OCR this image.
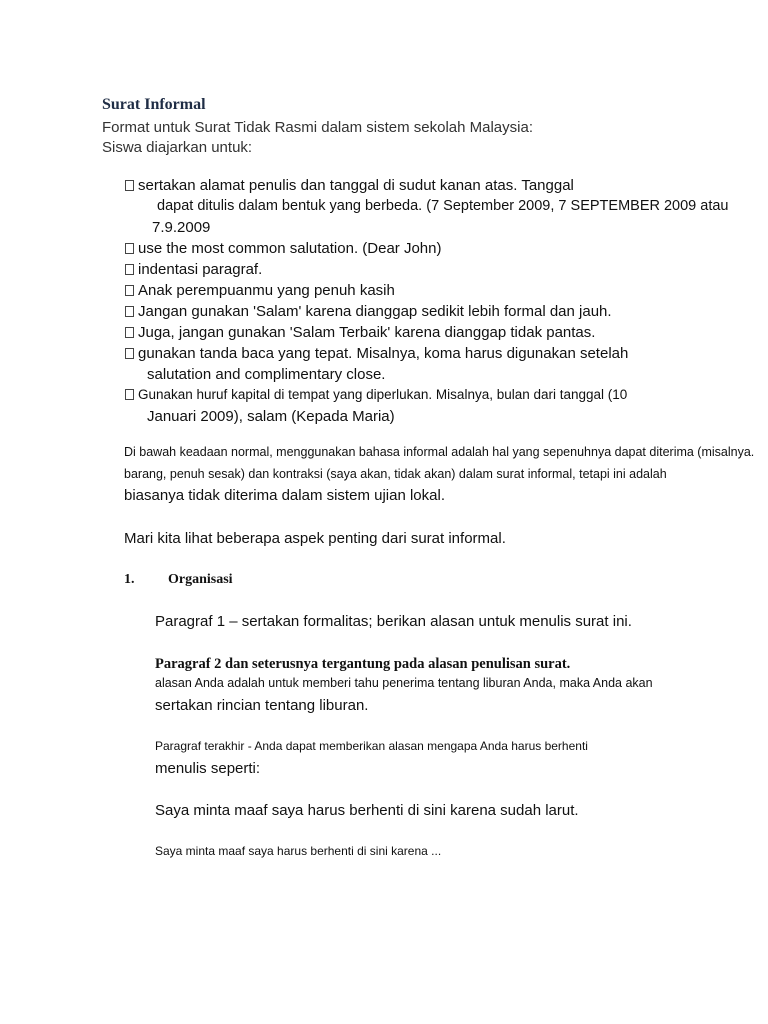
Surat Informal

Format untuk Surat Tidak Rasmi dalam sistem sekolah Malaysia:

Siswa diajarkan untuk:

sertakan alamat penulis dan tanggal di sudut kanan atas. Tanggal

dapat ditulis dalam bentuk yang berbeda. (7 September 2009, 7 SEPTEMBER 2009 atau

7.9.2009

use the most common salutation. (Dear John)

indentasi paragraf.

Anak perempuanmu yang penuh kasih

Jangan gunakan 'Salam' karena dianggap sedikit lebih formal dan jauh.

Juga, jangan gunakan 'Salam Terbaik' karena dianggap tidak pantas.

gunakan tanda baca yang tepat. Misalnya, koma harus digunakan setelah

salutation and complimentary close.

Gunakan huruf kapital di tempat yang diperlukan. Misalnya, bulan dari tanggal (10

Januari 2009), salam (Kepada Maria)

Di bawah keadaan normal, menggunakan bahasa informal adalah hal yang sepenuhnya dapat diterima (misalnya.

barang, penuh sesak) dan kontraksi (saya akan, tidak akan) dalam surat informal, tetapi ini adalah

biasanya tidak diterima dalam sistem ujian lokal.

Mari kita lihat beberapa aspek penting dari surat informal.

1. Organisasi

Paragraf 1 – sertakan formalitas; berikan alasan untuk menulis surat ini.

Paragraf 2 dan seterusnya tergantung pada alasan penulisan surat.

alasan Anda adalah untuk memberi tahu penerima tentang liburan Anda, maka Anda akan

sertakan rincian tentang liburan.

Paragraf terakhir - Anda dapat memberikan alasan mengapa Anda harus berhenti

menulis seperti:

Saya minta maaf saya harus berhenti di sini karena sudah larut.

Saya minta maaf saya harus berhenti di sini karena ...
